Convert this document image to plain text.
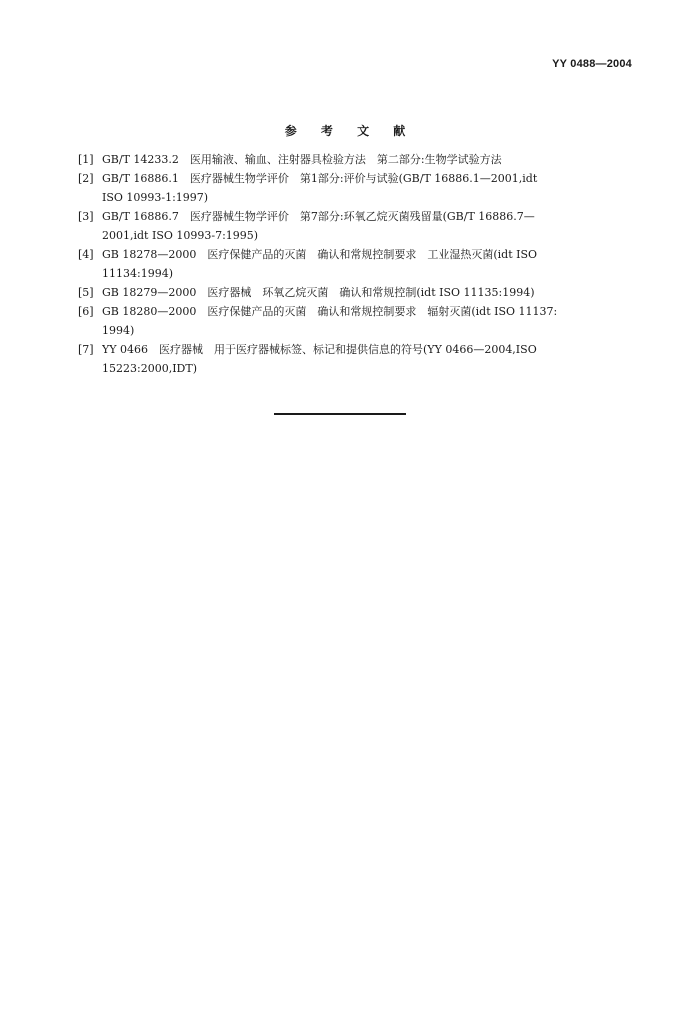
YY 0488—2004
参 考 文 献
[1] GB/T 14233.2　医用输液、输血、注射器具检验方法　第二部分:生物学试验方法
[2] GB/T 16886.1　医疗器械生物学评价　第1部分:评价与试验(GB/T 16886.1—2001,idt
ISO 10993-1:1997)
[3] GB/T 16886.7　医疗器械生物学评价　第7部分:环氧乙烷灭菌残留量(GB/T 16886.7—
2001,idt ISO 10993-7:1995)
[4] GB 18278—2000　医疗保健产品的灭菌　确认和常规控制要求　工业湿热灭菌(idt ISO
11134:1994)
[5] GB 18279—2000　医疗器械　环氧乙烷灭菌　确认和常规控制(idt ISO 11135:1994)
[6] GB 18280—2000　医疗保健产品的灭菌　确认和常规控制要求　辐射灭菌(idt ISO 11137:
1994)
[7] YY 0466　医疗器械　用于医疗器械标签、标记和提供信息的符号(YY 0466—2004,ISO
15223:2000,IDT)
